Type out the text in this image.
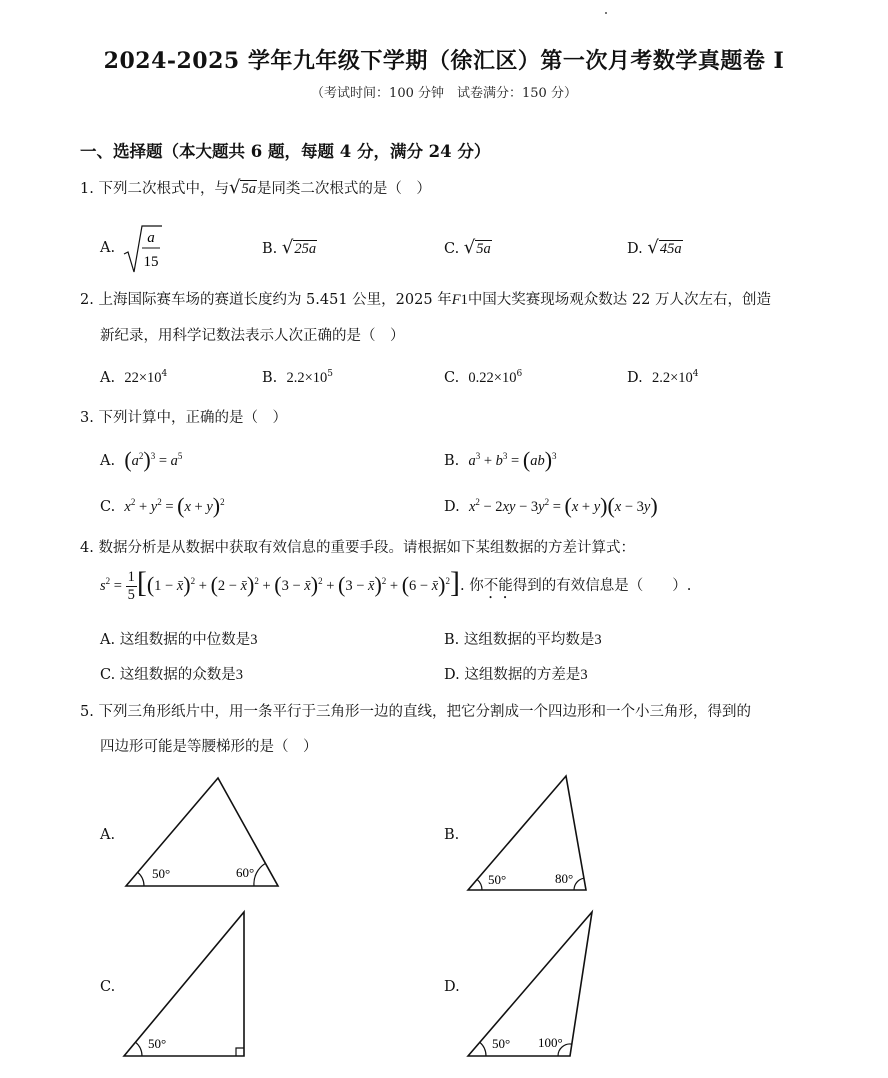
2024-2025 学年九年级下学期（徐汇区）第一次月考数学真题卷 I
（考试时间：100 分钟　试卷满分：150 分）
一、选择题（本大题共 6 题，每题 4 分，满分 24 分）
1. 下列二次根式中，与√5a是同类二次根式的是（　）
A.
a
15
B. √25a	C. √5a	D. √45a
2. 上海国际赛车场的赛道长度约为 5.451 公里，2025 年F1中国大奖赛现场观众数达 22 万人次左右，创造
新纪录，用科学记数法表示人次正确的是（　）
A. $22\times 10^4$	B. $2.2\times 10^5$	C. $0.22\times 10^6$	D. $2.2\times 10^4$
3. 下列计算中，正确的是（　）
A. $(a^2)^3 = a^5$	B. $a^3 + b^3 = (ab)^3$
C. $x^2 + y^2 = (x + y)^2$	D. $x^2 - 2xy - 3y^2 = (x + y)(x - 3y)$
4. 数据分析是从数据中获取有效信息的重要手段。请根据如下某组数据的方差计算式：
$s^2 = \frac{1}{5} [(1$ − x̄)$^2$ + (2 − x̄)$^2$ + (3 − x̄)$^2$ + (3 − x̄)$^2$ + (6 − x̄)$^2$]. 你不能得到的有效信息是（　　）.
A. 这组数据的中位数是3	B. 这组数据的平均数是3
C. 这组数据的众数是3	D. 这组数据的方差是3
5. 下列三角形纸片中，用一条平行于三角形一边的直线，把它分割成一个四边形和一个小三角形，得到的
四边形可能是等腰梯形的是（　）
A.	B.
C.	D.
50°	60°	50°	80°
50°	50° 100°
